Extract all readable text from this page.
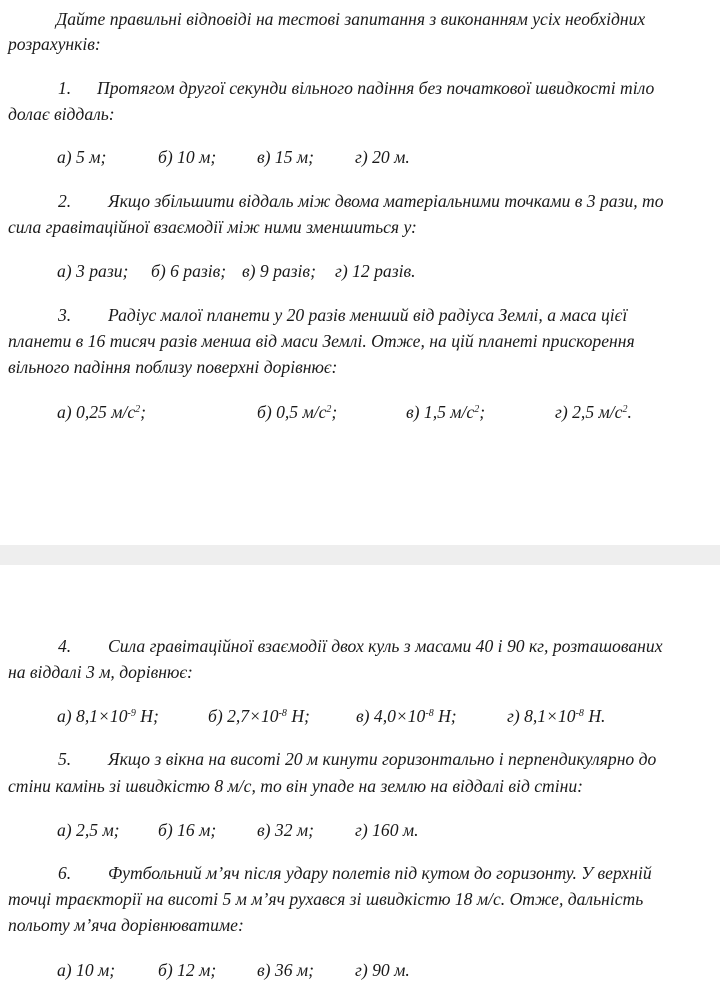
Дайте правильні відповіді на тестові запитання з виконанням усіх необхідних
розрахунків:
1. Протягом другої секунди вільного падіння без початкової швидкості тіло
долає віддаль:
а) 5 м;	б) 10 м; в) 15 м; г) 20 м.
2. Якщо збільшити віддаль між двома матеріальними точками в 3 рази, то
сила гравітаційної взаємодії між ними зменшиться у:
а) 3 рази; б) 6 разів; в) 9 разів; г) 12 разів.
3. Радіус малої планети у 20 разів менший від радіуса Землі, а маса цієї
планети в 16 тисяч разів менша від маси Землі. Отже, на цій планеті прискорення
вільного падіння поблизу поверхні дорівнює:
а) 0,25 $м/с^2$;	б) 0,5 $м/с^2$;	в) 1,5 $м/с^2$;	г) 2,5 $м/с^2$.
4. Сила гравітаційної взаємодії двох куль з масами 40 і 90 кг, розташованих
на віддалі 3 м, дорівнює:
а) $8,1\times 10^{-9}$ Н;	б) $2,7\times 10^{-8}$ Н;	в) $4,0\times 10^{-8}$ Н;	г) $8,1\times 10^{-8}$ Н.
5. Якщо з вікна на висоті 20 м кинути горизонтально і перпендикулярно до
стіни камінь зі швидкістю 8 м/с, то він упаде на землю на віддалі від стіни:
а) 2,5 м; б) 16 м; в) 32 м; г) 160 м.
6. Футбольний м’яч після удару полетів під кутом до горизонту. У верхній
точці траєкторії на висоті 5 м м’яч рухався зі швидкістю 18 м/с. Отже, дальність
польоту м’яча дорівнюватиме:
а) 10 м; б) 12 м; в) 36 м; г) 90 м.
